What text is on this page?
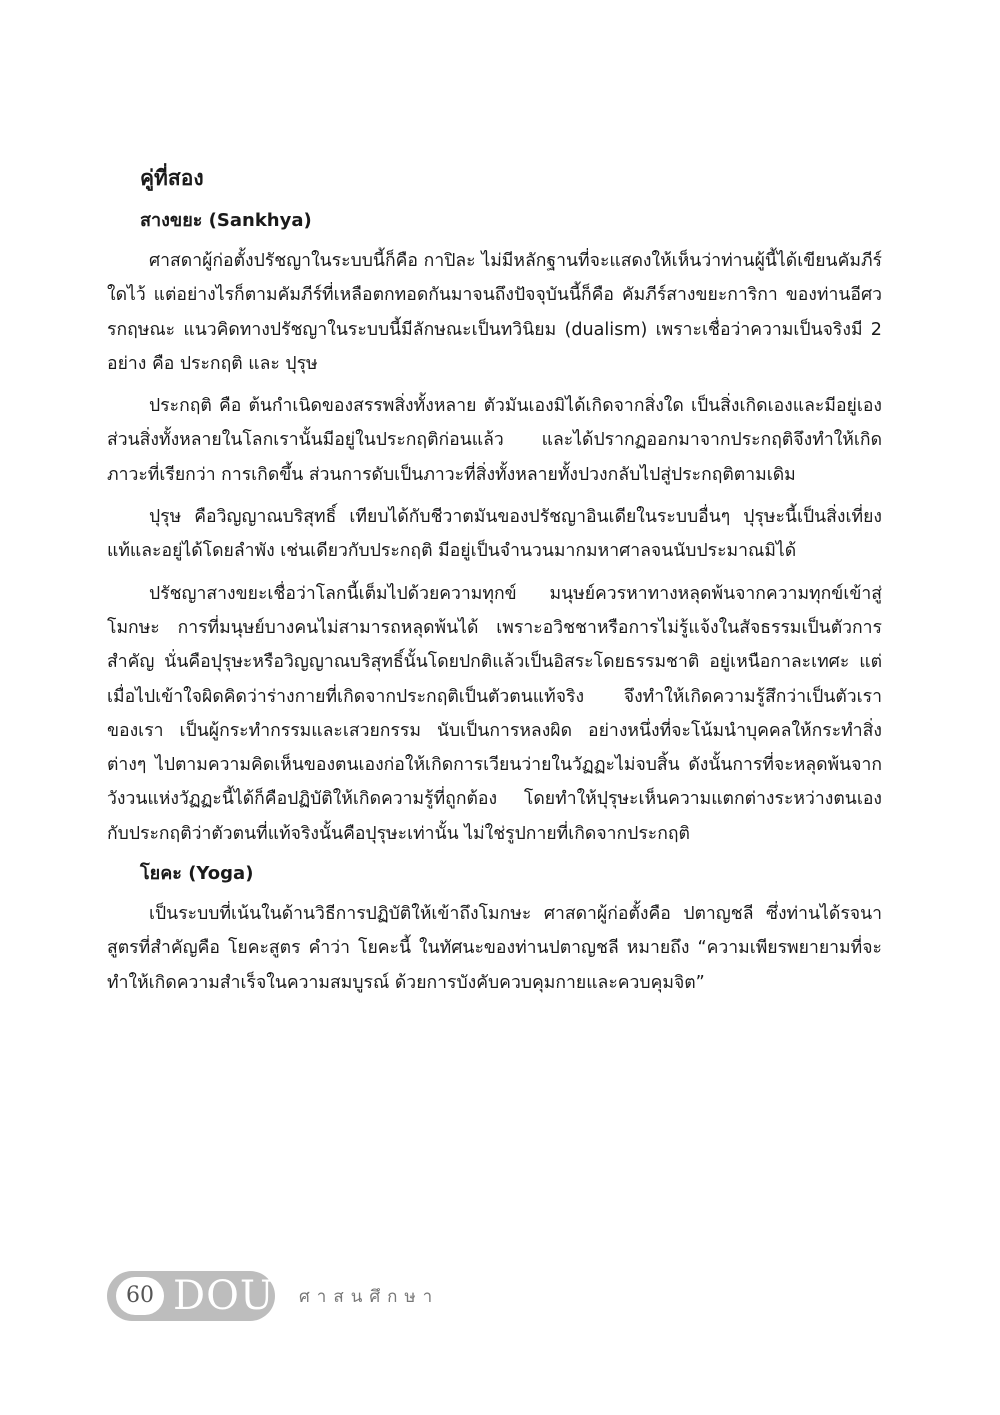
คู่ที่สอง
สางขยะ (Sankhya)

ศาสดาผู้ก่อตั้งปรัชญาในระบบนี้ก็คือ กาปิละ ไม่มีหลักฐานที่จะแสดงให้เห็นว่าท่านผู้นี้ได้เขียนคัมภีร์ใดไว้ แต่อย่างไรก็ตามคัมภีร์ที่เหลือตกทอดกันมาจนถึงปัจจุบันนี้ก็คือ คัมภีร์สางขยะการิกา ของท่านอีศวรกฤษณะ แนวคิดทางปรัชญาในระบบนี้มีลักษณะเป็นทวินิยม (dualism) เพราะเชื่อว่าความเป็นจริงมี 2 อย่าง คือ ประกฤติ และ ปุรุษ

ประกฤติ คือ ต้นกำเนิดของสรรพสิ่งทั้งหลาย ตัวมันเองมิได้เกิดจากสิ่งใด เป็นสิ่งเกิดเองและมีอยู่เอง ส่วนสิ่งทั้งหลายในโลกเรานั้นมีอยู่ในประกฤติก่อนแล้ว และได้ปรากฏออกมาจากประกฤติจึงทำให้เกิดภาวะที่เรียกว่า การเกิดขึ้น ส่วนการดับเป็นภาวะที่สิ่งทั้งหลายทั้งปวงกลับไปสู่ประกฤติตามเดิม

ปุรุษ คือวิญญาณบริสุทธิ์ เทียบได้กับชีวาตมันของปรัชญาอินเดียในระบบอื่นๆ ปุรุษะนี้เป็นสิ่งเที่ยงแท้และอยู่ได้โดยลำพัง เช่นเดียวกับประกฤติ มีอยู่เป็นจำนวนมากมหาศาลจนนับประมาณมิได้

ปรัชญาสางขยะเชื่อว่าโลกนี้เต็มไปด้วยความทุกข์ มนุษย์ควรหาทางหลุดพ้นจากความทุกข์เข้าสู่โมกษะ การที่มนุษย์บางคนไม่สามารถหลุดพ้นได้ เพราะอวิชชาหรือการไม่รู้แจ้งในสัจธรรมเป็นตัวการสำคัญ นั่นคือปุรุษะหรือวิญญาณบริสุทธิ์นั้นโดยปกติแล้วเป็นอิสระโดยธรรมชาติ อยู่เหนือกาละเทศะ แต่เมื่อไปเข้าใจผิดคิดว่าร่างกายที่เกิดจากประกฤติเป็นตัวตนแท้จริง จึงทำให้เกิดความรู้สึกว่าเป็นตัวเรา ของเรา เป็นผู้กระทำกรรมและเสวยกรรม นับเป็นการหลงผิด อย่างหนึ่งที่จะโน้มนำบุคคลให้กระทำสิ่งต่างๆ ไปตามความคิดเห็นของตนเองก่อให้เกิดการเวียนว่ายในวัฏฏะไม่จบสิ้น ดังนั้นการที่จะหลุดพ้นจากวังวนแห่งวัฏฏะนี้ได้ก็คือปฏิบัติให้เกิดความรู้ที่ถูกต้อง โดยทำให้ปุรุษะเห็นความแตกต่างระหว่างตนเองกับประกฤติว่าตัวตนที่แท้จริงนั้นคือปุรุษะเท่านั้น ไม่ใช่รูปกายที่เกิดจากประกฤติ

โยคะ (Yoga)

เป็นระบบที่เน้นในด้านวิธีการปฏิบัติให้เข้าถึงโมกษะ ศาสดาผู้ก่อตั้งคือ ปตาญชลี ซึ่งท่านได้รจนาสูตรที่สำคัญคือ โยคะสูตร คำว่า โยคะนี้ ในทัศนะของท่านปตาญชลี หมายถึง “ความเพียรพยายามที่จะทำให้เกิดความสำเร็จในความสมบูรณ์ ด้วยการบังคับควบคุมกายและควบคุมจิต”

60 DOU ศาสนศึกษา
